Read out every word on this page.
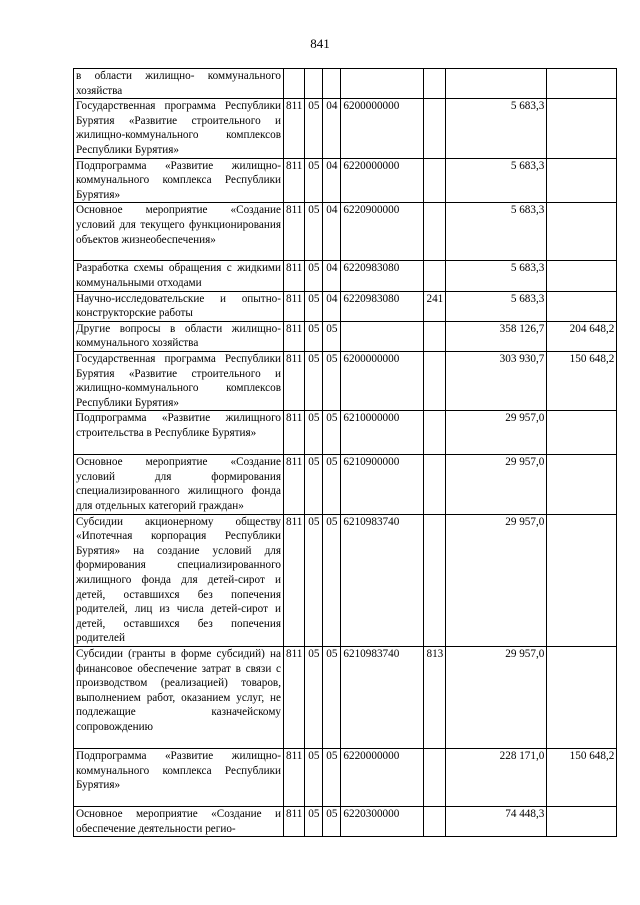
841
в области жилищно- коммунального хозяйства							
Государственная программа Республики Бурятия «Развитие строительного и жилищно-коммунального комплексов Республики Бурятия»	811	05	04	6200000000		5 683,3	
Подпрограмма «Развитие жилищно-коммунального комплекса Республики Бурятия»	811	05	04	6220000000		5 683,3	
Основное мероприятие «Создание условий для текущего функционирования объектов жизнеобеспечения»	811	05	04	6220900000		5 683,3	
Разработка схемы обращения с жидкими коммунальными отходами	811	05	04	6220983080		5 683,3	
Научно-исследовательские и опытно-конструкторские работы	811	05	04	6220983080	241	5 683,3	
Другие вопросы в области жилищно-коммунального хозяйства	811	05	05			358 126,7	204 648,2
Государственная программа Республики Бурятия «Развитие строительного и жилищно-коммунального комплексов Республики Бурятия»	811	05	05	6200000000		303 930,7	150 648,2
Подпрограмма «Развитие жилищного строительства в Республике Бурятия»	811	05	05	6210000000		29 957,0	
Основное мероприятие «Создание условий для формирования специализированного жилищного фонда для отдельных категорий граждан»	811	05	05	6210900000		29 957,0	
Субсидии акционерному обществу «Ипотечная корпорация Республики Бурятия» на создание условий для формирования специализированного жилищного фонда для детей-сирот и детей, оставшихся без попечения родителей, лиц из числа детей-сирот и детей, оставшихся без попечения родителей	811	05	05	6210983740		29 957,0	
Субсидии (гранты в форме субсидий) на финансовое обеспечение затрат в связи с производством (реализацией) товаров, выполнением работ, оказанием услуг, не подлежащие казначейскому сопровождению	811	05	05	6210983740	813	29 957,0	
Подпрограмма «Развитие жилищно-коммунального комплекса Республики Бурятия»	811	05	05	6220000000		228 171,0	150 648,2
Основное мероприятие «Создание и обеспечение деятельности регио-	811	05	05	6220300000		74 448,3	
